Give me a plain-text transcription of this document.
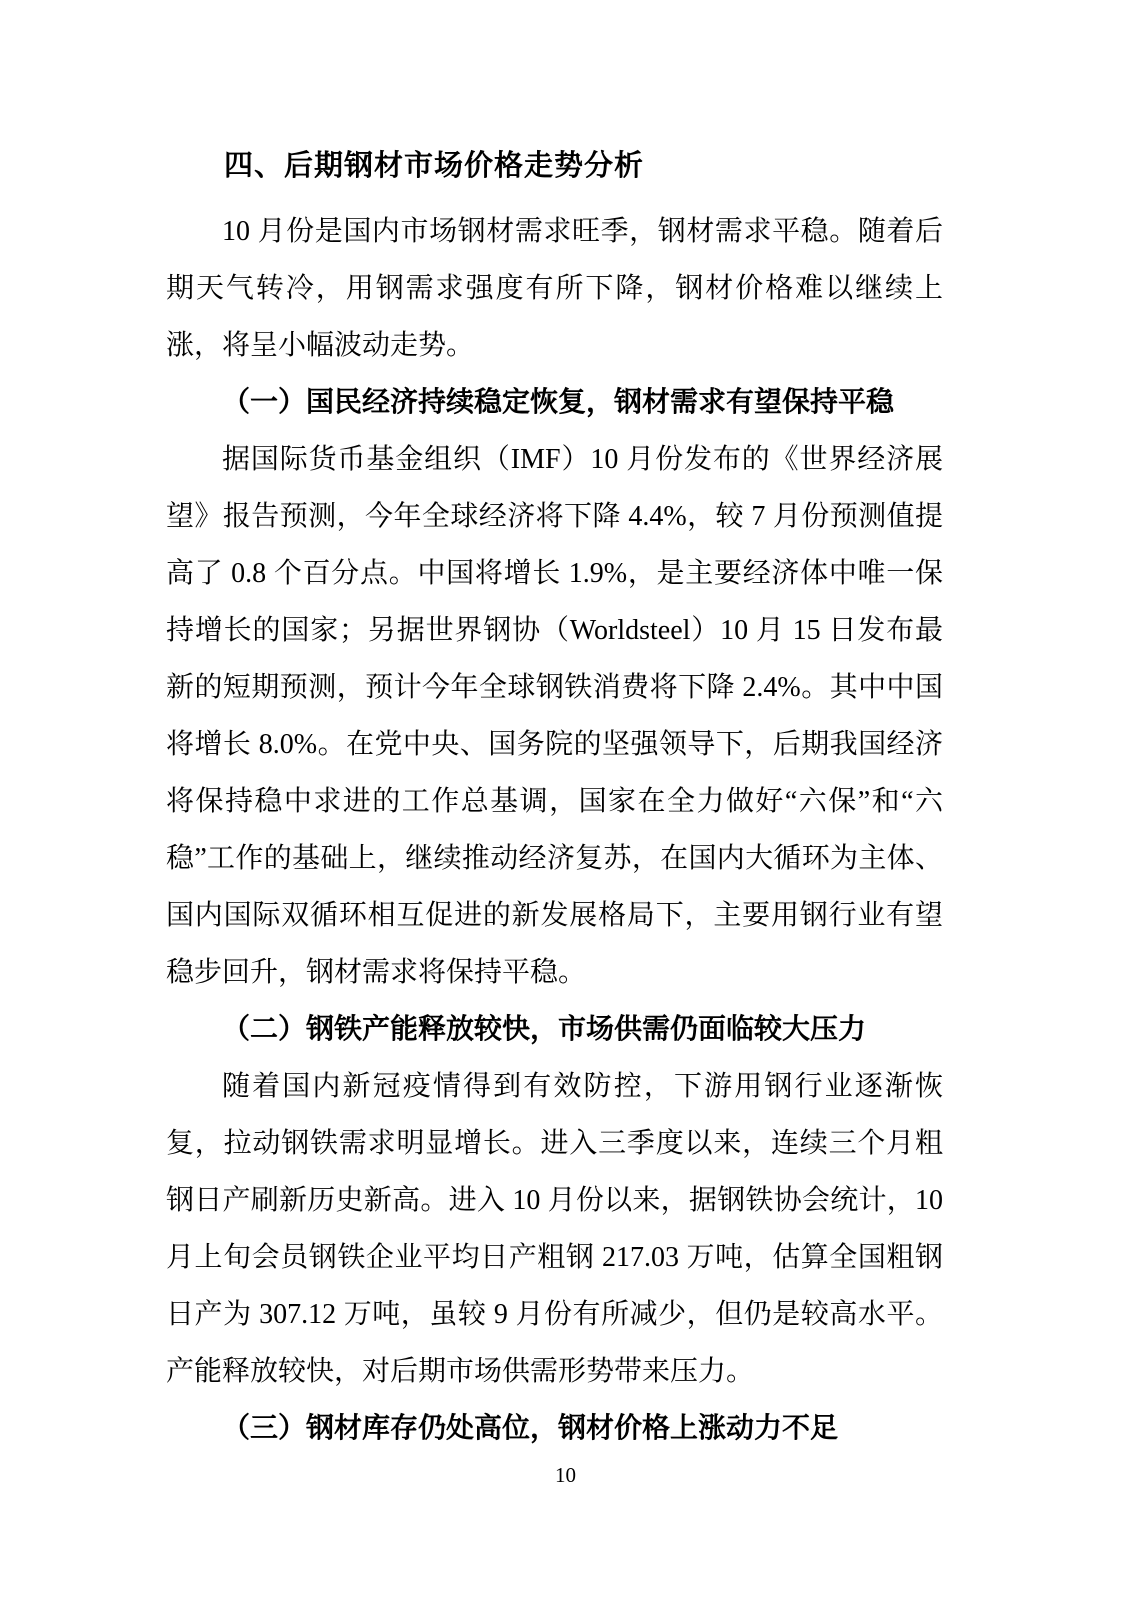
四、后期钢材市场价格走势分析

10 月份是国内市场钢材需求旺季，钢材需求平稳。随着后期天气转冷，用钢需求强度有所下降，钢材价格难以继续上涨，将呈小幅波动走势。

（一）国民经济持续稳定恢复，钢材需求有望保持平稳

据国际货币基金组织（IMF）10 月份发布的《世界经济展望》报告预测，今年全球经济将下降 4.4%，较 7 月份预测值提高了 0.8 个百分点。中国将增长 1.9%，是主要经济体中唯一保持增长的国家；另据世界钢协（Worldsteel）10 月 15 日发布最新的短期预测，预计今年全球钢铁消费将下降 2.4%。其中中国将增长 8.0%。在党中央、国务院的坚强领导下，后期我国经济将保持稳中求进的工作总基调，国家在全力做好“六保”和“六稳”工作的基础上，继续推动经济复苏，在国内大循环为主体、国内国际双循环相互促进的新发展格局下，主要用钢行业有望稳步回升，钢材需求将保持平稳。

（二）钢铁产能释放较快，市场供需仍面临较大压力

随着国内新冠疫情得到有效防控，下游用钢行业逐渐恢复，拉动钢铁需求明显增长。进入三季度以来，连续三个月粗钢日产刷新历史新高。进入 10 月份以来，据钢铁协会统计，10 月上旬会员钢铁企业平均日产粗钢 217.03 万吨，估算全国粗钢日产为 307.12 万吨，虽较 9 月份有所减少，但仍是较高水平。产能释放较快，对后期市场供需形势带来压力。

（三）钢材库存仍处高位，钢材价格上涨动力不足
10
